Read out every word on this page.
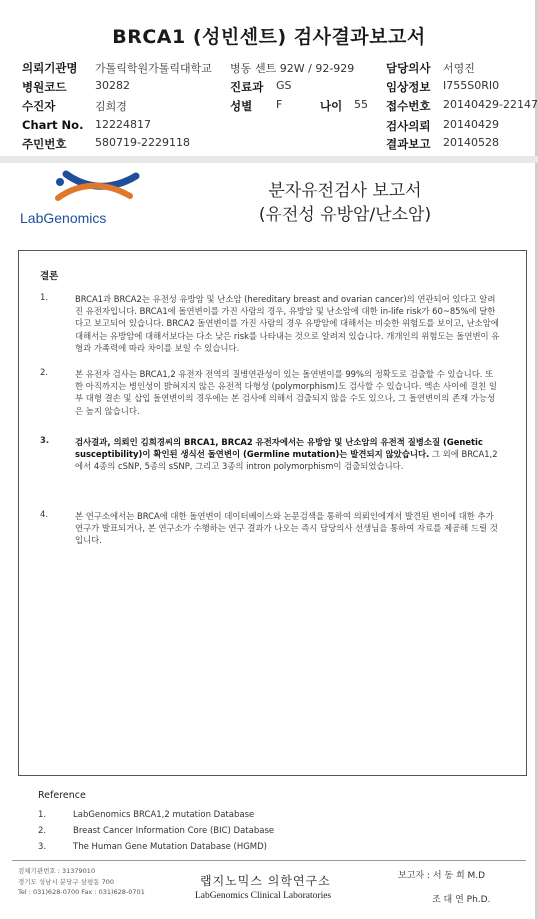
BRCA1 (성빈센트) 검사결과보고서
의뢰기관명 가톨릭학원가톨릭대학교 병동 센트 92W / 92-929	담당의사 서영진
병원코드	30282	진료과 GS	임상정보 I755S0RI0
수진자	김희경	성별 F	나이 55 접수번호 20140429-22147
Chart No. 12224817	검사의뢰 20140429
주민번호	580719-2229118	결과보고 20140528
LabGenomics
분자유전검사 보고서
(유전성 유방암/난소암)
결론
1.	BRCA1과 BRCA2는 유전성 유방암 및 난소암 (hereditary breast and ovarian cancer)의 연관되어 있다고 알려진 유전자입니다. BRCA1에 돌연변이를 가진 사람의 경우, 유방암 및 난소암에 대한 in-life risk가 60~85%에 달한다고 보고되어 있습니다. BRCA2 돌연변이를 가진 사람의 경우 유방암에 대해서는 비슷한 위험도를 보이고, 난소암에 대해서는 유방암에 대해서보다는 다소 낮은 risk를 나타내는 것으로 알려져 있습니다. 개개인의 위험도는 돌연변이 유형과 가족력에 따라 차이를 보일 수 있습니다.
2.	본 유전자 검사는 BRCA1,2 유전자 전역의 질병연관성이 있는 돌연변이를 99%의 정확도로 검출할 수 있습니다. 또한 아직까지는 병인성이 밝혀지지 않은 유전적 다형성 (polymorphism)도 검사할 수 있습니다. 엑손 사이에 걸친 일부 대형 결손 및 삽입 돌연변이의 경우에는 본 검사에 의해서 검출되지 않을 수도 있으나, 그 돌연변이의 존재 가능성은 높지 않습니다.
3.	검사결과, 의뢰인 김희경씨의 BRCA1, BRCA2 유전자에서는 유방암 및 난소암의 유전적 질병소질 (Genetic susceptibility)이 확인된 생식선 돌연변이 (Germline mutation)는 발견되지 않았습니다. 그 외에 BRCA1,2에서 4종의 cSNP, 5종의 sSNP, 그리고 3종의 intron polymorphism이 검출되었습니다.
4.	본 연구소에서는 BRCA에 대한 돌연변이 데이터베이스와 논문검색을 통하여 의뢰인에게서 발견된 변이에 대한 추가 연구가 발표되거나, 본 연구소가 수행하는 연구 결과가 나오는 즉시 담당의사 선생님을 통하여 자료를 제공해 드릴 것입니다.
Reference
1.	LabGenomics BRCA1,2 mutation Database
2.	Breast Cancer Information Core (BIC) Database
3.	The Human Gene Mutation Database (HGMD)
검체기관번호 : 31379010
경기도 성남시 분당구 삼평동 700
Tel : 031)628-0700 Fax : 031)628-0701
랩지노믹스 의학연구소
LabGenomics Clinical Laboratories
보고자 : 서 동 희 M.D
조 대 연 Ph.D.
